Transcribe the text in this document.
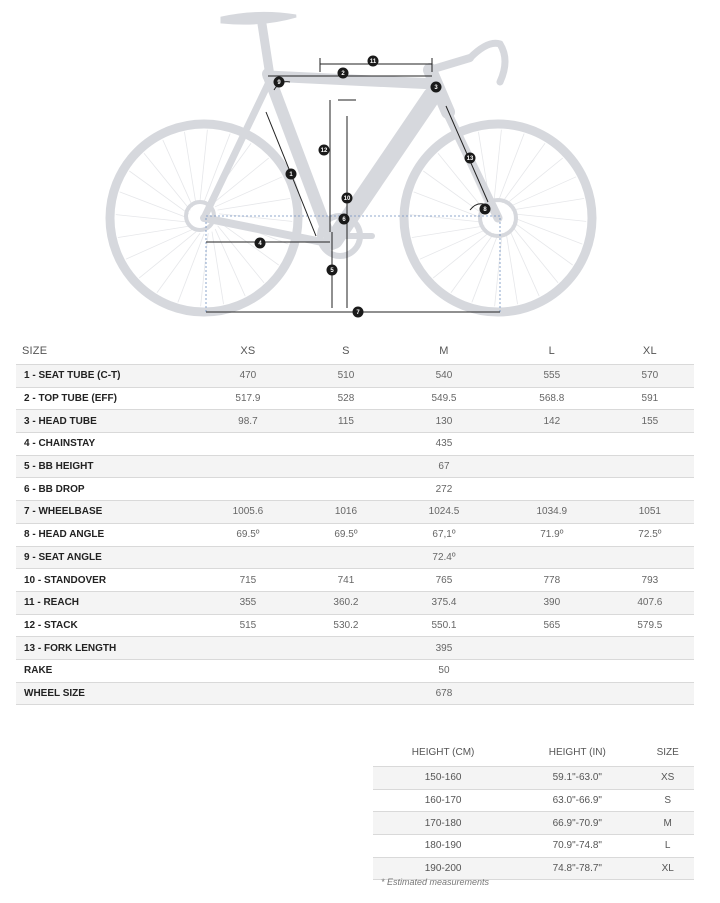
1
2
3
4
5
6
7
8
9
10
11
12
13
SIZE	XS	S	M	L	XL
1 - SEAT TUBE (C-T)	470	510	540	555	570
2 - TOP TUBE (EFF)	517.9	528	549.5	568.8	591
3 - HEAD TUBE	98.7	115	130	142	155
4 - CHAINSTAY			435		
5 - BB HEIGHT			67		
6 - BB DROP			272		
7 - WHEELBASE	1005.6	1016	1024.5	1034.9	1051
8 - HEAD ANGLE	69.5º	69.5º	67,1º	71.9º	72.5º
9 - SEAT ANGLE			72.4º		
10 - STANDOVER	715	741	765	778	793
11 - REACH	355	360.2	375.4	390	407.6
12 - STACK	515	530.2	550.1	565	579.5
13 - FORK LENGTH			395		
RAKE			50		
WHEEL SIZE			678		
HEIGHT (CM)	HEIGHT (IN)	SIZE
150-160	59.1"-63.0"	XS
160-170	63.0"-66.9"	S
170-180	66.9"-70.9"	M
180-190	70.9"-74.8"	L
190-200	74.8"-78.7"	XL
* Estimated measurements
